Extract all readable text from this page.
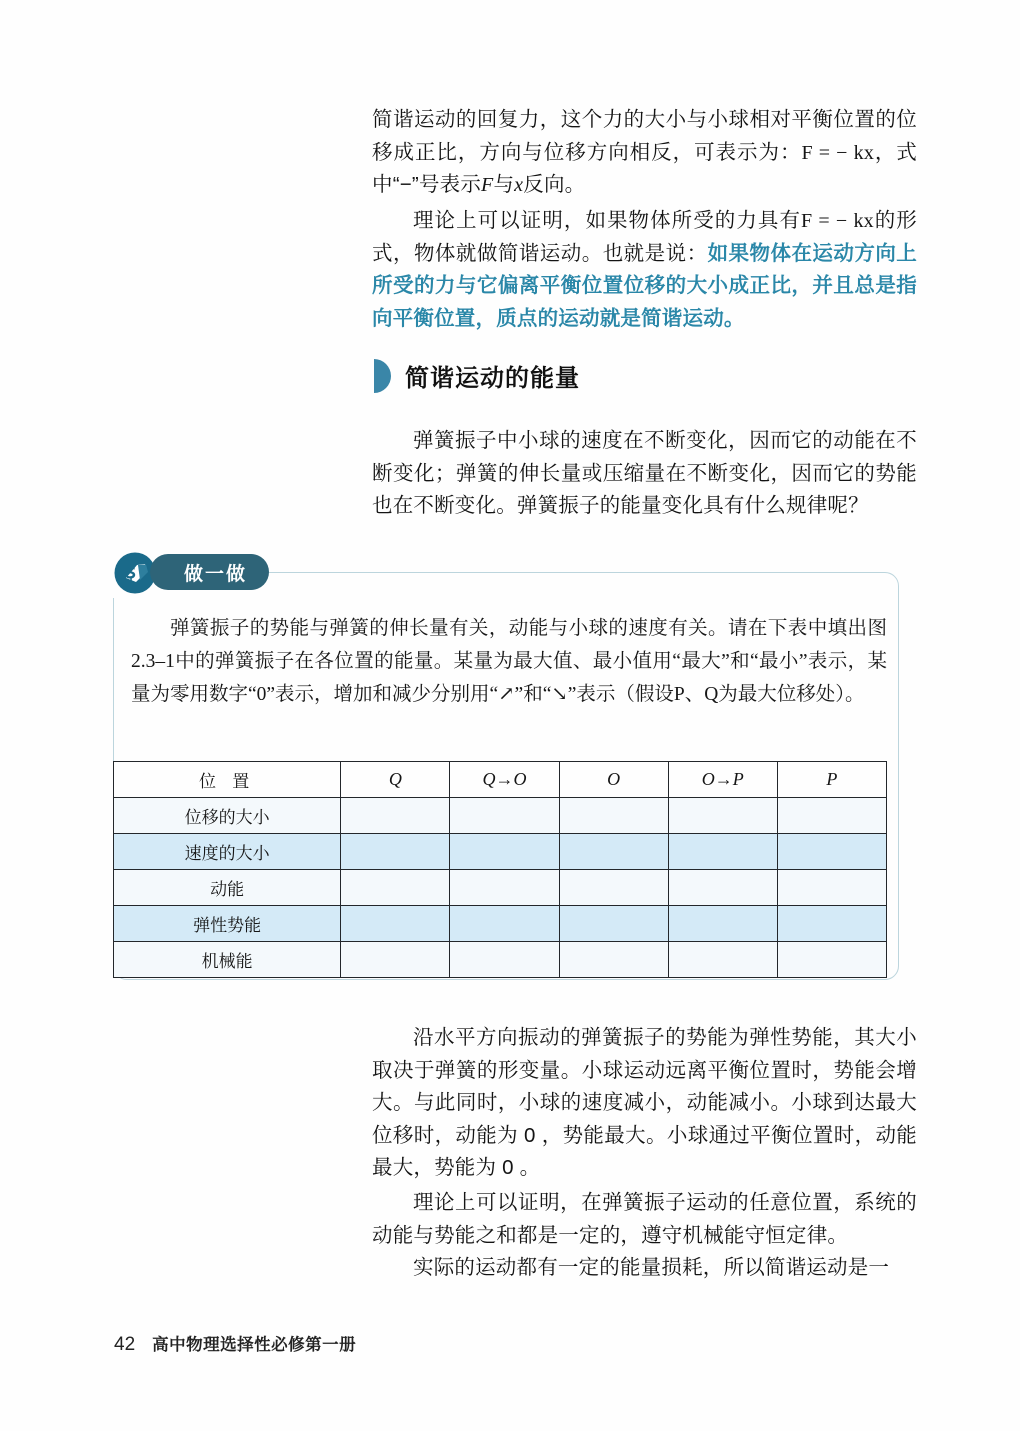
简谐运动的回复力，这个力的大小与小球相对平衡位置的位移成正比，方向与位移方向相反，可表示为：F = − kx，式中“−”号表示F与x反向。

理论上可以证明，如果物体所受的力具有F = − kx的形式，物体就做简谐运动。也就是说：如果物体在运动方向上所受的力与它偏离平衡位置位移的大小成正比，并且总是指向平衡位置，质点的运动就是简谐运动。

简谐运动的能量

弹簧振子中小球的速度在不断变化，因而它的动能在不断变化；弹簧的伸长量或压缩量在不断变化，因而它的势能也在不断变化。弹簧振子的能量变化具有什么规律呢？

做一做
弹簧振子的势能与弹簧的伸长量有关，动能与小球的速度有关。请在下表中填出图2.3–1中的弹簧振子在各位置的能量。某量为最大值、最小值用“最大”和“最小”表示，某量为零用数字“0”表示，增加和减少分别用“↗”和“↘”表示（假设P、Q为最大位移处）。
位 置	Q	Q→O	O	O→P	P
位移的大小					
速度的大小					
动能					
弹性势能					
机械能					

沿水平方向振动的弹簧振子的势能为弹性势能，其大小取决于弹簧的形变量。小球运动远离平衡位置时，势能会增大。与此同时，小球的速度减小，动能减小。小球到达最大位移时，动能为 0 ，势能最大。小球通过平衡位置时，动能最大，势能为 0 。

理论上可以证明，在弹簧振子运动的任意位置，系统的动能与势能之和都是一定的，遵守机械能守恒定律。

实际的运动都有一定的能量损耗，所以简谐运动是一

42 高中物理选择性必修第一册
